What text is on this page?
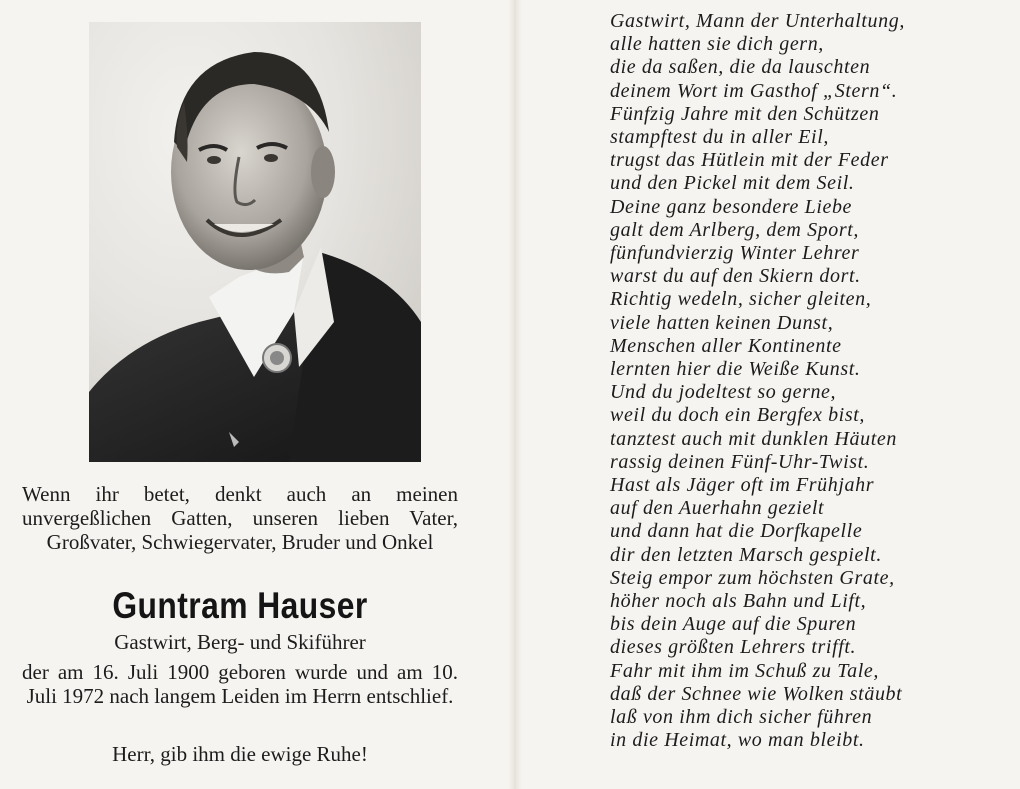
Wenn ihr betet, denkt auch an meinen unvergeßlichen Gatten, unseren lieben Vater, Großvater, Schwiegervater, Bruder und Onkel
Guntram Hauser
Gastwirt, Berg- und Skiführer
der am 16. Juli 1900 geboren wurde und am 10. Juli 1972 nach langem Leiden im Herrn entschlief.
Herr, gib ihm die ewige Ruhe!
Gastwirt, Mann der Unterhaltung,
alle hatten sie dich gern,
die da saßen, die da lauschten
deinem Wort im Gasthof „Stern“.
Fünfzig Jahre mit den Schützen
stampftest du in aller Eil,
trugst das Hütlein mit der Feder
und den Pickel mit dem Seil.
Deine ganz besondere Liebe
galt dem Arlberg, dem Sport,
fünfundvierzig Winter Lehrer
warst du auf den Skiern dort.
Richtig wedeln, sicher gleiten,
viele hatten keinen Dunst,
Menschen aller Kontinente
lernten hier die Weiße Kunst.
Und du jodeltest so gerne,
weil du doch ein Bergfex bist,
tanztest auch mit dunklen Häuten
rassig deinen Fünf-Uhr-Twist.
Hast als Jäger oft im Frühjahr
auf den Auerhahn gezielt
und dann hat die Dorfkapelle
dir den letzten Marsch gespielt.
Steig empor zum höchsten Grate,
höher noch als Bahn und Lift,
bis dein Auge auf die Spuren
dieses größten Lehrers trifft.
Fahr mit ihm im Schuß zu Tale,
daß der Schnee wie Wolken stäubt
laß von ihm dich sicher führen
in die Heimat, wo man bleibt.
